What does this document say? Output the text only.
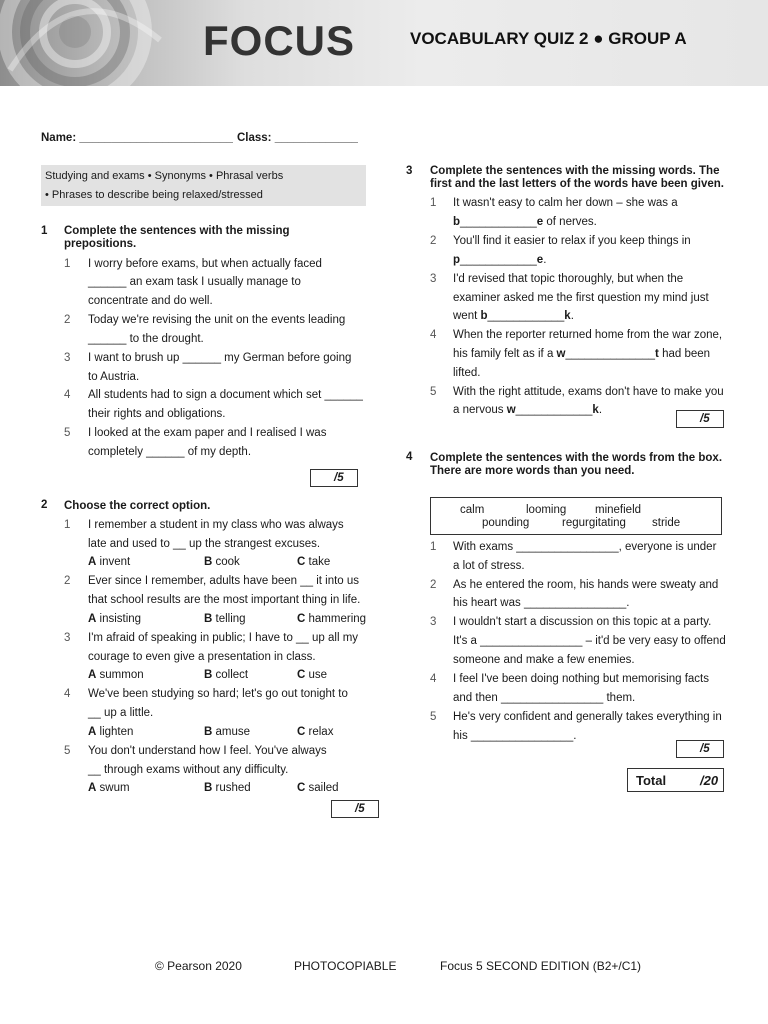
FOCUS	VOCABULARY QUIZ 2 ● GROUP A
Name: ________________________ Class: _____________
Studying and exams • Synonyms • Phrasal verbs
• Phrases to describe being relaxed/stressed
1 Complete the sentences with the missing
prepositions.
1 I worry before exams, but when actually faced
______ an exam task I usually manage to
concentrate and do well.
2 Today we're revising the unit on the events leading
______ to the drought.
3 I want to brush up ______ my German before going
to Austria.
4 All students had to sign a document which set ______
their rights and obligations.
5 I looked at the exam paper and I realised I was
completely ______ of my depth.
/5
2 Choose the correct option.
1 I remember a student in my class who was always
late and used to __ up the strangest excuses.
A invent	B cook	C take
2 Ever since I remember, adults have been __ it into us
that school results are the most important thing in life.
A insisting	B telling	C hammering
3 I'm afraid of speaking in public; I have to __ up all my
courage to even give a presentation in class.
A summon	B collect	C use
4 We've been studying so hard; let's go out tonight to
__ up a little.
A lighten	B amuse	C relax
5 You don't understand how I feel. You've always
__ through exams without any difficulty.
A swum	B rushed	C sailed
/5
3 Complete the sentences with the missing words. The
first and the last letters of the words have been given.
1 It wasn't easy to calm her down – she was a
b____________e of nerves.
2 You'll find it easier to relax if you keep things in
p____________e.
3 I'd revised that topic thoroughly, but when the
examiner asked me the first question my mind just
went b____________k.
4 When the reporter returned home from the war zone,
his family felt as if a w______________t had been
lifted.
5 With the right attitude, exams don't have to make you
a nervous w____________k.
/5
4 Complete the sentences with the words from the box.
There are more words than you need.
calm	looming minefield
pounding	regurgitating stride
1 With exams ________________, everyone is under
a lot of stress.
2 As he entered the room, his hands were sweaty and
his heart was ________________.
3 I wouldn't start a discussion on this topic at a party.
It's a ________________ – it'd be very easy to offend
someone and make a few enemies.
4 I feel I've been doing nothing but memorising facts
and then ________________ them.
5 He's very confident and generally takes everything in
his ________________.
/5
Total	/20
© Pearson 2020	PHOTOCOPIABLE	Focus 5 SECOND EDITION (B2+/C1)
